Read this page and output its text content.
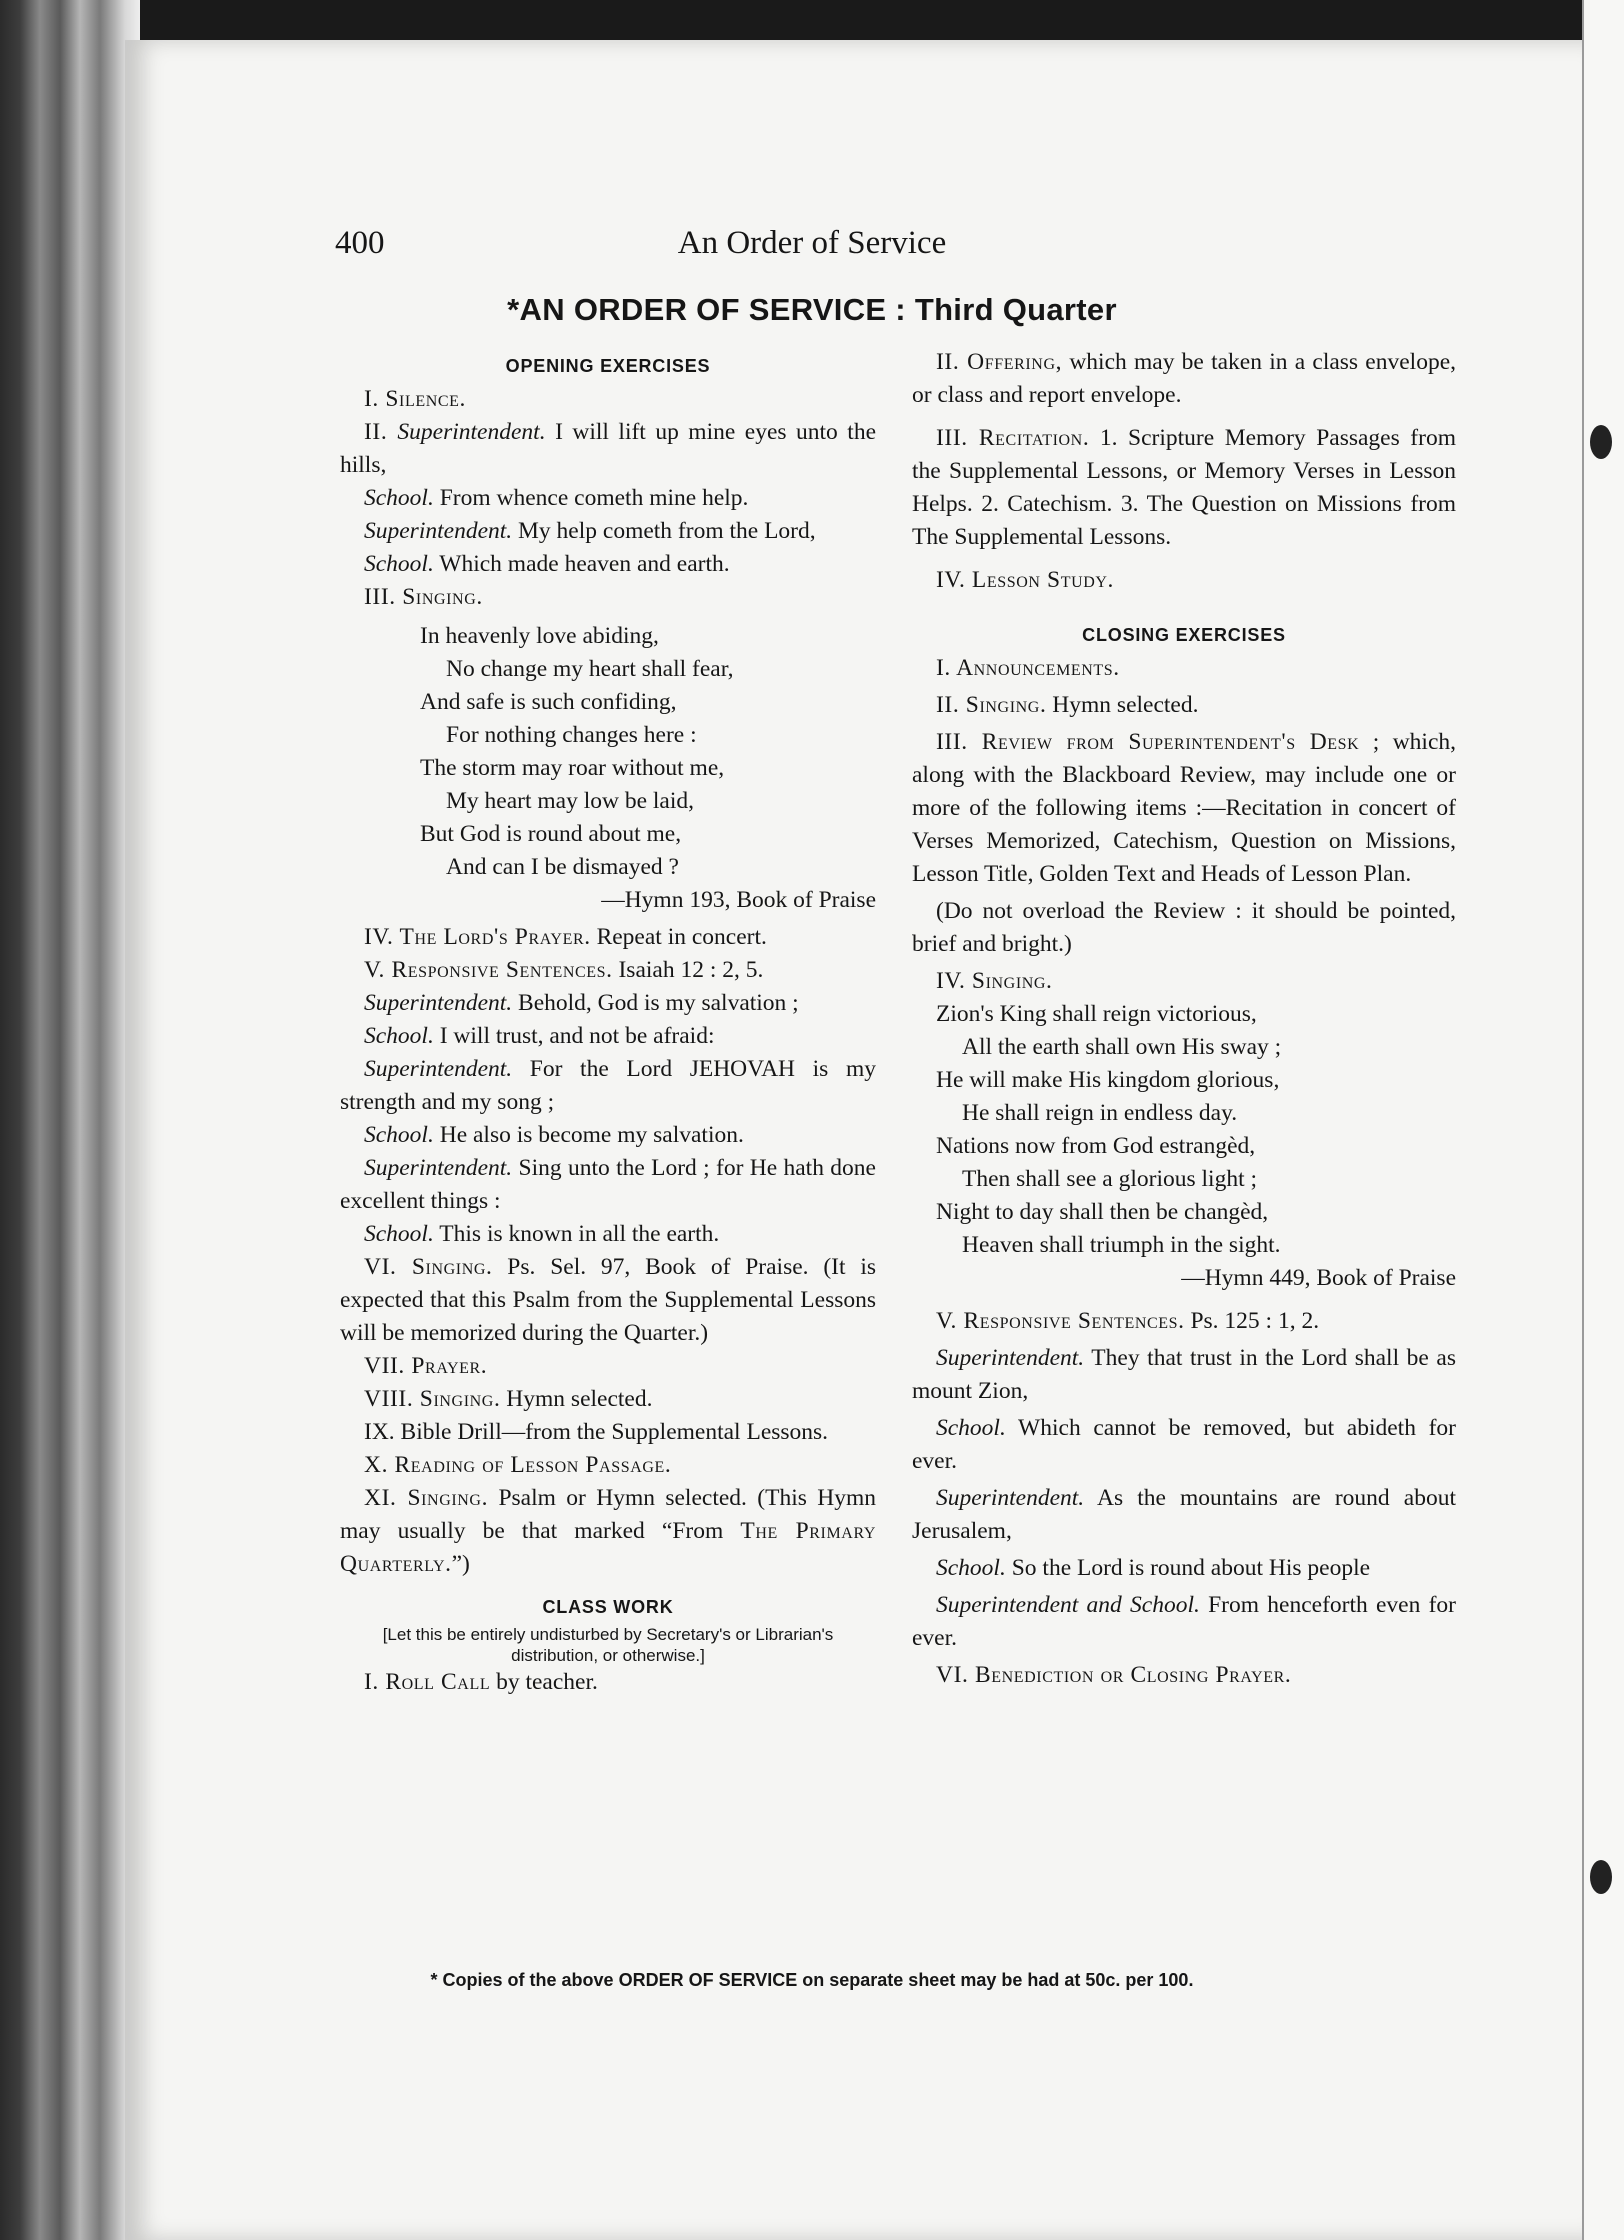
400	An Order of Service
*AN ORDER OF SERVICE : Third Quarter

OPENING EXERCISES

I. Silence.

II. Superintendent. I will lift up mine eyes unto the hills,

School. From whence cometh mine help.

Superintendent. My help cometh from the Lord,

School. Which made heaven and earth.

III. Singing.

In heavenly love abiding,

No change my heart shall fear,

And safe is such confiding,

For nothing changes here :

The storm may roar without me,

My heart may low be laid,

But God is round about me,

And can I be dismayed ?

—Hymn 193, Book of Praise

IV. The Lord's Prayer. Repeat in concert.

V. Responsive Sentences. Isaiah 12 : 2, 5.

Superintendent. Behold, God is my salvation ;

School. I will trust, and not be afraid:

Superintendent. For the Lord JEHOVAH is my strength and my song ;

School. He also is become my salvation.

Superintendent. Sing unto the Lord ; for He hath done excellent things :

School. This is known in all the earth.

VI. Singing. Ps. Sel. 97, Book of Praise. (It is expected that this Psalm from the Supplemental Lessons will be memorized during the Quarter.)

VII. Prayer.

VIII. Singing. Hymn selected.

IX. Bible Drill—from the Supplemental Lessons.

X. Reading of Lesson Passage.

XI. Singing. Psalm or Hymn selected. (This Hymn may usually be that marked “From The Primary Quarterly.”)

CLASS WORK

[Let this be entirely undisturbed by Secretary's or Librarian's distribution, or otherwise.]

I. Roll Call by teacher.

II. Offering, which may be taken in a class envelope, or class and report envelope.

III. Recitation. 1. Scripture Memory Passages from the Supplemental Lessons, or Memory Verses in Lesson Helps. 2. Catechism. 3. The Question on Missions from The Supplemental Lessons.

IV. Lesson Study.

CLOSING EXERCISES

I. Announcements.

II. Singing. Hymn selected.

III. Review from Superintendent's Desk ; which, along with the Blackboard Review, may include one or more of the following items :—Recitation in concert of Verses Memorized, Catechism, Question on Missions, Lesson Title, Golden Text and Heads of Lesson Plan.

(Do not overload the Review : it should be pointed, brief and bright.)

IV. Singing.

Zion's King shall reign victorious,

All the earth shall own His sway ;

He will make His kingdom glorious,

He shall reign in endless day.

Nations now from God estrangèd,

Then shall see a glorious light ;

Night to day shall then be changèd,

Heaven shall triumph in the sight.

—Hymn 449, Book of Praise

V. Responsive Sentences. Ps. 125 : 1, 2.

Superintendent. They that trust in the Lord shall be as mount Zion,

School. Which cannot be removed, but abideth for ever.

Superintendent. As the mountains are round about Jerusalem,

School. So the Lord is round about His people

Superintendent and School. From henceforth even for ever.

VI. Benediction or Closing Prayer.

* Copies of the above ORDER OF SERVICE on separate sheet may be had at 50c. per 100.
